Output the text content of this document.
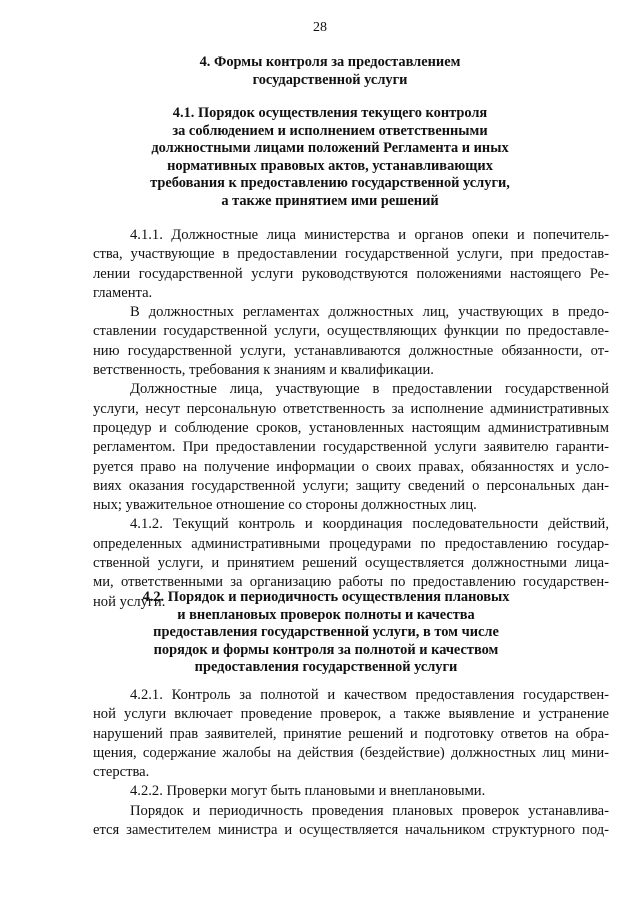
28
4. Формы контроля за предоставлением
государственной услуги
4.1. Порядок осуществления текущего контроля
за соблюдением и исполнением ответственными
должностными лицами положений Регламента и иных
нормативных правовых актов, устанавливающих
требования к предоставлению государственной услуги,
а также принятием ими решений
4.1.1. Должностные лица министерства и органов опеки и попечитель-
ства, участвующие в предоставлении государственной услуги, при предостав-
лении государственной услуги руководствуются положениями настоящего Ре-
гламента.
В должностных регламентах должностных лиц, участвующих в предо-
ставлении государственной услуги, осуществляющих функции по предоставле-
нию государственной услуги, устанавливаются должностные обязанности, от-
ветственность, требования к знаниям и квалификации.
Должностные лица, участвующие в предоставлении государственной
услуги, несут персональную ответственность за исполнение административных
процедур и соблюдение сроков, установленных настоящим административным
регламентом. При предоставлении государственной услуги заявителю гаранти-
руется право на получение информации о своих правах, обязанностях и усло-
виях оказания государственной услуги; защиту сведений о персональных дан-
ных; уважительное отношение со стороны должностных лиц.
4.1.2. Текущий контроль и координация последовательности действий,
определенных административными процедурами по предоставлению государ-
ственной услуги, и принятием решений осуществляется должностными лица-
ми, ответственными за организацию работы по предоставлению государствен-
ной услуги.
4.2. Порядок и периодичность осуществления плановых
и внеплановых проверок полноты и качества
предоставления государственной услуги, в том числе
порядок и формы контроля за полнотой и качеством
предоставления государственной услуги
4.2.1. Контроль за полнотой и качеством предоставления государствен-
ной услуги включает проведение проверок, а также выявление и устранение
нарушений прав заявителей, принятие решений и подготовку ответов на обра-
щения, содержание жалобы на действия (бездействие) должностных лиц мини-
стерства.
4.2.2. Проверки могут быть плановыми и внеплановыми.
Порядок и периодичность проведения плановых проверок устанавлива-
ется заместителем министра и осуществляется начальником структурного под-
